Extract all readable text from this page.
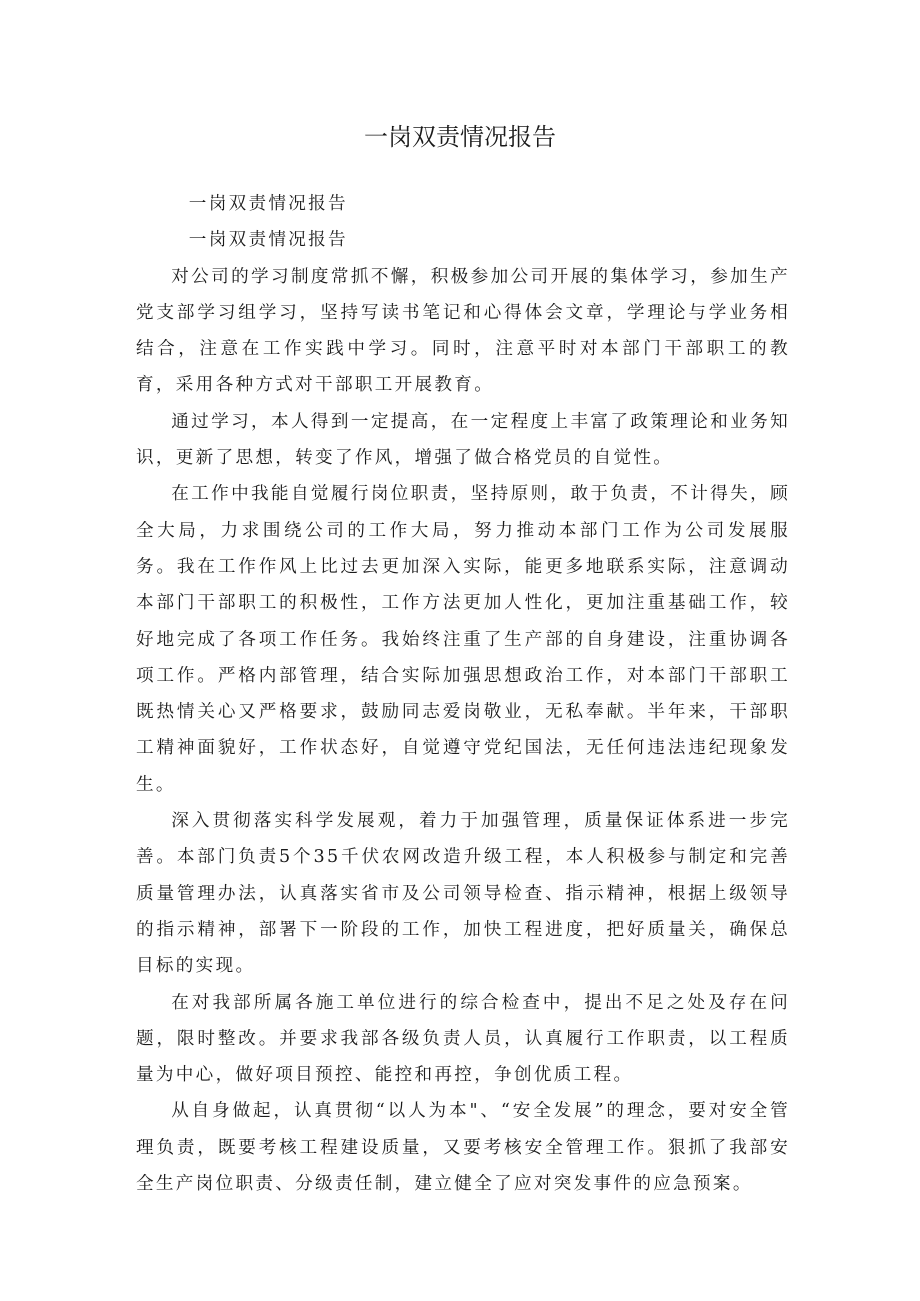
一岗双责情况报告

一岗双责情况报告

一岗双责情况报告

对公司的学习制度常抓不懈，积极参加公司开展的集体学习，参加生产党支部学习组学习，坚持写读书笔记和心得体会文章，学理论与学业务相结合，注意在工作实践中学习。同时，注意平时对本部门干部职工的教育，采用各种方式对干部职工开展教育。

通过学习，本人得到一定提高，在一定程度上丰富了政策理论和业务知识，更新了思想，转变了作风，增强了做合格党员的自觉性。

在工作中我能自觉履行岗位职责，坚持原则，敢于负责，不计得失，顾全大局，力求围绕公司的工作大局，努力推动本部门工作为公司发展服务。我在工作作风上比过去更加深入实际，能更多地联系实际，注意调动本部门干部职工的积极性，工作方法更加人性化，更加注重基础工作，较好地完成了各项工作任务。我始终注重了生产部的自身建设，注重协调各项工作。严格内部管理，结合实际加强思想政治工作，对本部门干部职工既热情关心又严格要求，鼓励同志爱岗敬业，无私奉献。半年来，干部职工精神面貌好，工作状态好，自觉遵守党纪国法，无任何违法违纪现象发生。

深入贯彻落实科学发展观，着力于加强管理，质量保证体系进一步完善。本部门负责5个35千伏农网改造升级工程，本人积极参与制定和完善质量管理办法，认真落实省市及公司领导检查、指示精神，根据上级领导的指示精神，部署下一阶段的工作，加快工程进度，把好质量关，确保总目标的实现。

在对我部所属各施工单位进行的综合检查中，提出不足之处及存在问题，限时整改。并要求我部各级负责人员，认真履行工作职责，以工程质量为中心，做好项目预控、能控和再控，争创优质工程。

从自身做起，认真贯彻“以人为本"、“安全发展”的理念，要对安全管理负责，既要考核工程建设质量，又要考核安全管理工作。狠抓了我部安全生产岗位职责、分级责任制，建立健全了应对突发事件的应急预案。
